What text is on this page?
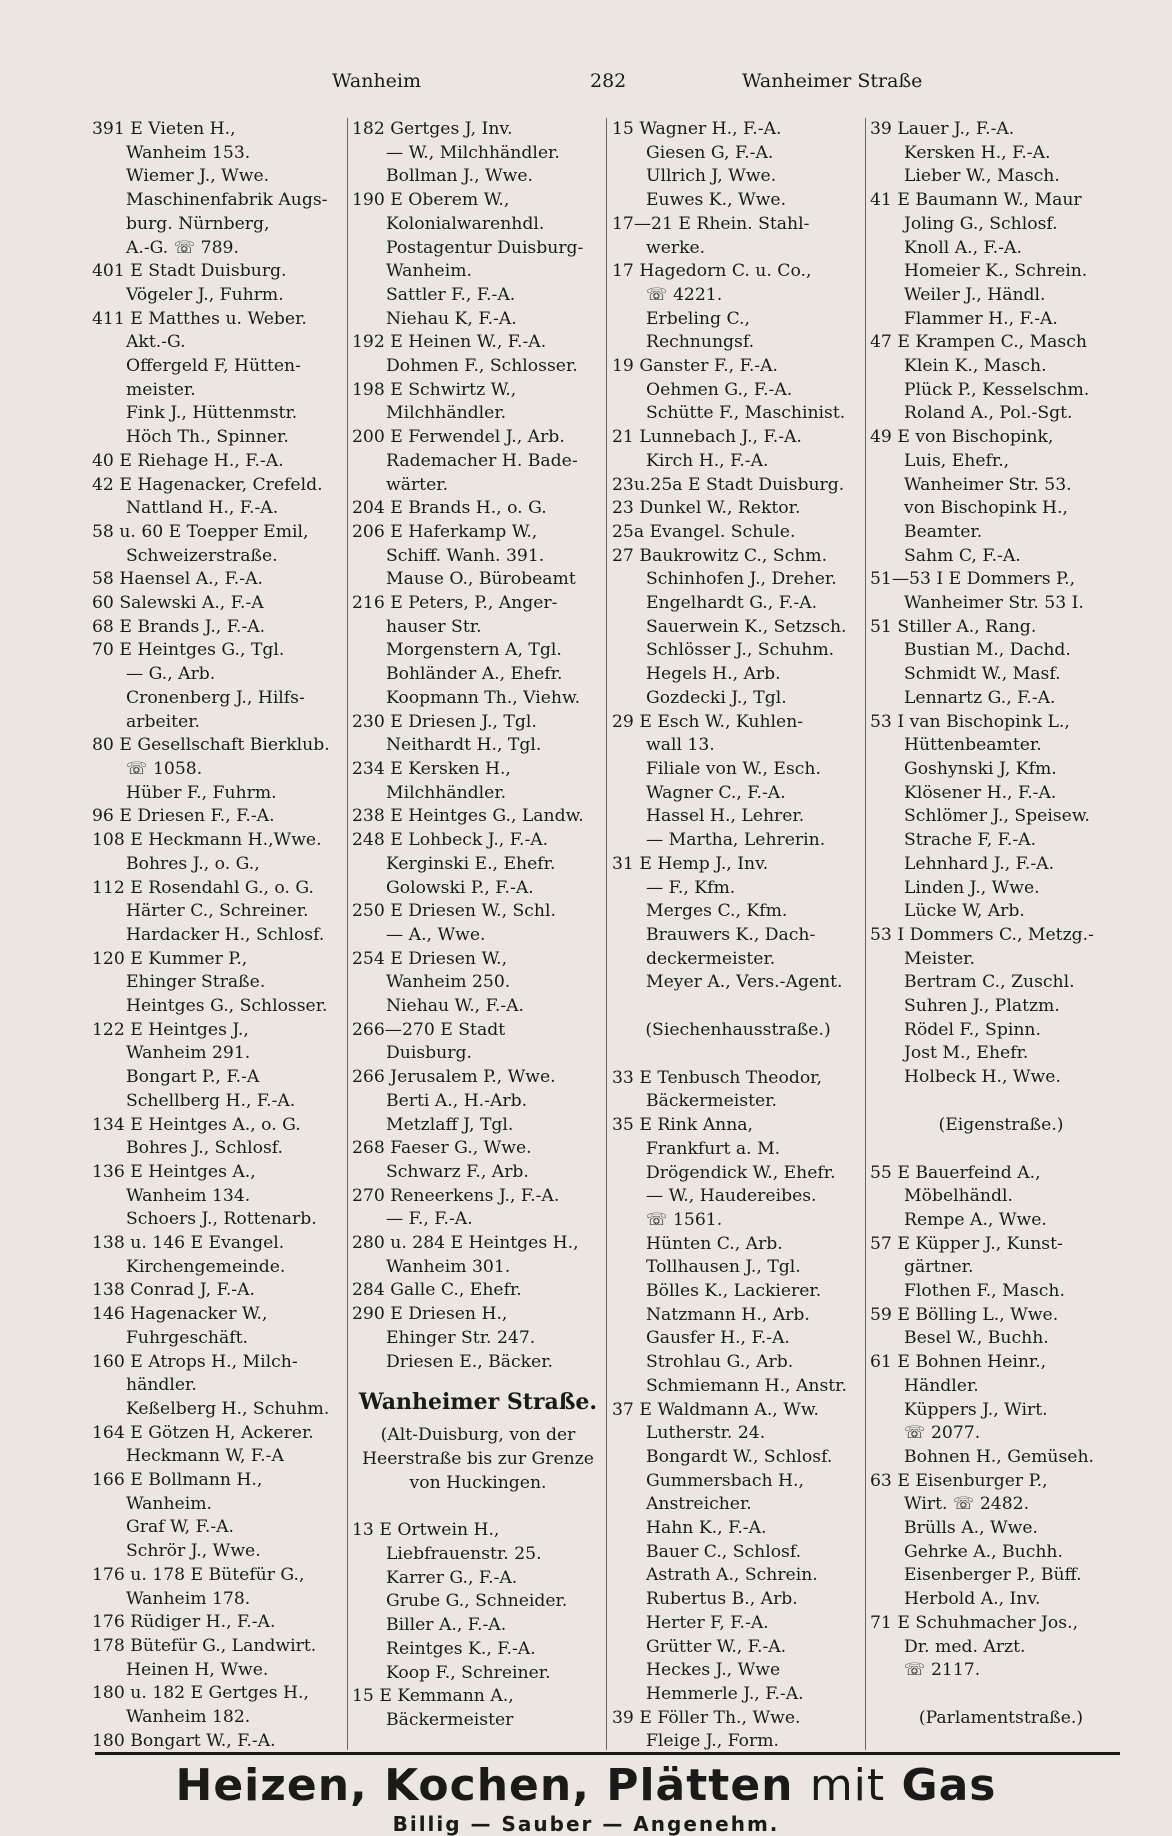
Wanheim	282	Wanheimer Straße
391 E Vieten H.,
Wanheim 153.
Wiemer J., Wwe.
Maschinenfabrik Augs-
burg. Nürnberg,
A.-G. ☏ 789.
401 E Stadt Duisburg.
Vögeler J., Fuhrm.
411 E Matthes u. Weber.
Akt.-G.
Offergeld F, Hütten-
meister.
Fink J., Hüttenmstr.
Höch Th., Spinner.
40 E Riehage H., F.-A.
42 E Hagenacker, Crefeld.
Nattland H., F.-A.
58 u. 60 E Toepper Emil,
Schweizerstraße.
58 Haensel A., F.-A.
60 Salewski A., F.-A
68 E Brands J., F.-A.
70 E Heintges G., Tgl.
— G., Arb.
Cronenberg J., Hilfs-
arbeiter.
80 E Gesellschaft Bierklub.
☏ 1058.
Hüber F., Fuhrm.
96 E Driesen F., F.-A.
108 E Heckmann H.,Wwe.
Bohres J., o. G.,
112 E Rosendahl G., o. G.
Härter C., Schreiner.
Hardacker H., Schlosf.
120 E Kummer P.,
Ehinger Straße.
Heintges G., Schlosser.
122 E Heintges J.,
Wanheim 291.
Bongart P., F.-A
Schellberg H., F.-A.
134 E Heintges A., o. G.
Bohres J., Schlosf.
136 E Heintges A.,
Wanheim 134.
Schoers J., Rottenarb.
138 u. 146 E Evangel.
Kirchengemeinde.
138 Conrad J, F.-A.
146 Hagenacker W.,
Fuhrgeschäft.
160 E Atrops H., Milch-
händler.
Keßelberg H., Schuhm.
164 E Götzen H, Ackerer.
Heckmann W, F.-A
166 E Bollmann H.,
Wanheim.
Graf W, F.-A.
Schrör J., Wwe.
176 u. 178 E Bütefür G.,
Wanheim 178.
176 Rüdiger H., F.-A.
178 Bütefür G., Landwirt.
Heinen H, Wwe.
180 u. 182 E Gertges H.,
Wanheim 182.
180 Bongart W., F.-A.
182 Gertges J, Inv.
— W., Milchhändler.
Bollman J., Wwe.
190 E Oberem W.,
Kolonialwarenhdl.
Postagentur Duisburg-
Wanheim.
Sattler F., F.-A.
Niehau K, F.-A.
192 E Heinen W., F.-A.
Dohmen F., Schlosser.
198 E Schwirtz W.,
Milchhändler.
200 E Ferwendel J., Arb.
Rademacher H. Bade-
wärter.
204 E Brands H., o. G.
206 E Haferkamp W.,
Schiff. Wanh. 391.
Mause O., Bürobeamt
216 E Peters, P., Anger-
hauser Str.
Morgenstern A, Tgl.
Bohländer A., Ehefr.
Koopmann Th., Viehw.
230 E Driesen J., Tgl.
Neithardt H., Tgl.
234 E Kersken H.,
Milchhändler.
238 E Heintges G., Landw.
248 E Lohbeck J., F.-A.
Kerginski E., Ehefr.
Golowski P., F.-A.
250 E Driesen W., Schl.
— A., Wwe.
254 E Driesen W.,
Wanheim 250.
Niehau W., F.-A.
266—270 E Stadt
Duisburg.
266 Jerusalem P., Wwe.
Berti A., H.-Arb.
Metzlaff J, Tgl.
268 Faeser G., Wwe.
Schwarz F., Arb.
270 Reneerkens J., F.-A.
— F., F.-A.
280 u. 284 E Heintges H.,
Wanheim 301.
284 Galle C., Ehefr.
290 E Driesen H.,
Ehinger Str. 247.
Driesen E., Bäcker.
Wanheimer Straße.
(Alt-Duisburg, von der
Heerstraße bis zur Grenze
von Huckingen.
13 E Ortwein H.,
Liebfrauenstr. 25.
Karrer G., F.-A.
Grube G., Schneider.
Biller A., F.-A.
Reintges K., F.-A.
Koop F., Schreiner.
15 E Kemmann A.,
Bäckermeister
15 Wagner H., F.-A.
Giesen G, F.-A.
Ullrich J, Wwe.
Euwes K., Wwe.
17—21 E Rhein. Stahl-
werke.
17 Hagedorn C. u. Co.,
☏ 4221.
Erbeling C.,
Rechnungsf.
19 Ganster F., F.-A.
Oehmen G., F.-A.
Schütte F., Maschinist.
21 Lunnebach J., F.-A.
Kirch H., F.-A.
23u.25a E Stadt Duisburg.
23 Dunkel W., Rektor.
25a Evangel. Schule.
27 Baukrowitz C., Schm.
Schinhofen J., Dreher.
Engelhardt G., F.-A.
Sauerwein K., Setzsch.
Schlösser J., Schuhm.
Hegels H., Arb.
Gozdecki J., Tgl.
29 E Esch W., Kuhlen-
wall 13.
Filiale von W., Esch.
Wagner C., F.-A.
Hassel H., Lehrer.
— Martha, Lehrerin.
31 E Hemp J., Inv.
— F., Kfm.
Merges C., Kfm.
Brauwers K., Dach-
deckermeister.
Meyer A., Vers.-Agent.
(Siechenhausstraße.)
33 E Tenbusch Theodor,
Bäckermeister.
35 E Rink Anna,
Frankfurt a. M.
Drögendick W., Ehefr.
— W., Haudereibes.
☏ 1561.
Hünten C., Arb.
Tollhausen J., Tgl.
Bölles K., Lackierer.
Natzmann H., Arb.
Gausfer H., F.-A.
Strohlau G., Arb.
Schmiemann H., Anstr.
37 E Waldmann A., Ww.
Lutherstr. 24.
Bongardt W., Schlosf.
Gummersbach H.,
Anstreicher.
Hahn K., F.-A.
Bauer C., Schlosf.
Astrath A., Schrein.
Rubertus B., Arb.
Herter F, F.-A.
Grütter W., F.-A.
Heckes J., Wwe
Hemmerle J., F.-A.
39 E Föller Th., Wwe.
Fleige J., Form.
39 Lauer J., F.-A.
Kersken H., F.-A.
Lieber W., Masch.
41 E Baumann W., Maur
Joling G., Schlosf.
Knoll A., F.-A.
Homeier K., Schrein.
Weiler J., Händl.
Flammer H., F.-A.
47 E Krampen C., Masch
Klein K., Masch.
Plück P., Kesselschm.
Roland A., Pol.-Sgt.
49 E von Bischopink,
Luis, Ehefr.,
Wanheimer Str. 53.
von Bischopink H.,
Beamter.
Sahm C, F.-A.
51—53 I E Dommers P.,
Wanheimer Str. 53 I.
51 Stiller A., Rang.
Bustian M., Dachd.
Schmidt W., Masf.
Lennartz G., F.-A.
53 I van Bischopink L.,
Hüttenbeamter.
Goshynski J, Kfm.
Klösener H., F.-A.
Schlömer J., Speisew.
Strache F, F.-A.
Lehnhard J., F.-A.
Linden J., Wwe.
Lücke W, Arb.
53 I Dommers C., Metzg.-
Meister.
Bertram C., Zuschl.
Suhren J., Platzm.
Rödel F., Spinn.
Jost M., Ehefr.
Holbeck H., Wwe.
(Eigenstraße.)
55 E Bauerfeind A.,
Möbelhändl.
Rempe A., Wwe.
57 E Küpper J., Kunst-
gärtner.
Flothen F., Masch.
59 E Bölling L., Wwe.
Besel W., Buchh.
61 E Bohnen Heinr.,
Händler.
Küppers J., Wirt.
☏ 2077.
Bohnen H., Gemüseh.
63 E Eisenburger P.,
Wirt. ☏ 2482.
Brülls A., Wwe.
Gehrke A., Buchh.
Eisenberger P., Büff.
Herbold A., Inv.
71 E Schuhmacher Jos.,
Dr. med. Arzt.
☏ 2117.
(Parlamentstraße.)
Heizen, Kochen, Plätten mit Gas
Billig — Sauber — Angenehm.
